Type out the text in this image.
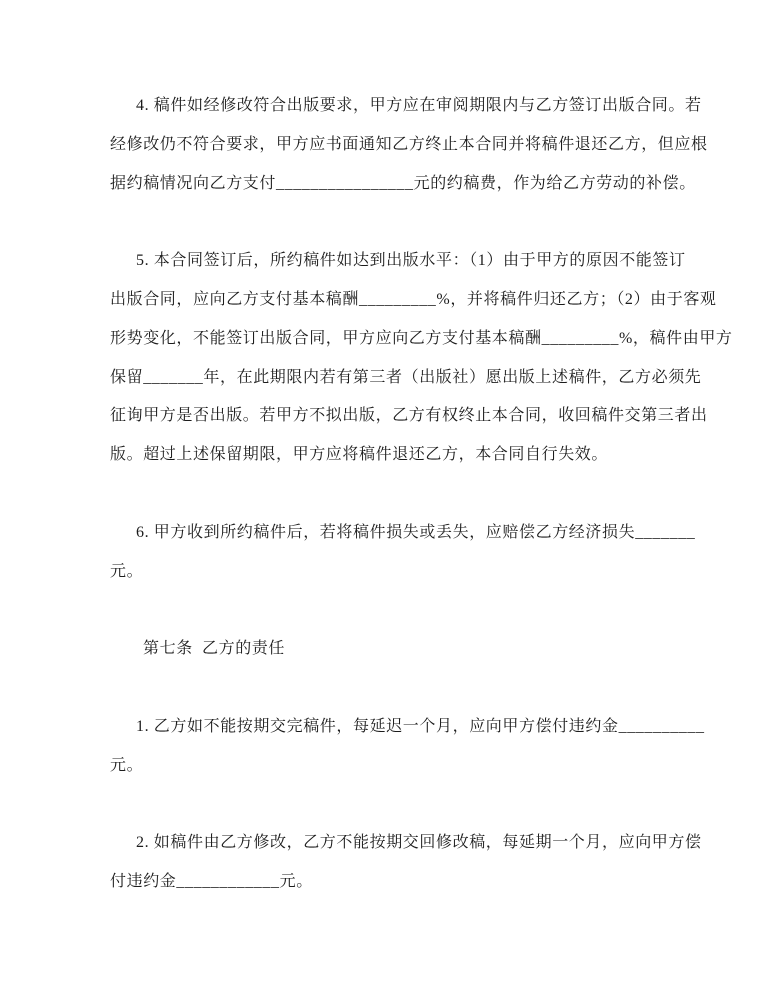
4. 稿件如经修改符合出版要求，甲方应在审阅期限内与乙方签订出版合同。若
经修改仍不符合要求，甲方应书面通知乙方终止本合同并将稿件退还乙方，但应根
据约稿情况向乙方支付________________元的约稿费，作为给乙方劳动的补偿。
5. 本合同签订后，所约稿件如达到出版水平：（1）由于甲方的原因不能签订
出版合同，应向乙方支付基本稿酬_________%，并将稿件归还乙方；（2）由于客观
形势变化，不能签订出版合同，甲方应向乙方支付基本稿酬_________%，稿件由甲方
保留_______年，在此期限内若有第三者（出版社）愿出版上述稿件，乙方必须先
征询甲方是否出版。若甲方不拟出版，乙方有权终止本合同，收回稿件交第三者出
版。超过上述保留期限，甲方应将稿件退还乙方，本合同自行失效。
6. 甲方收到所约稿件后，若将稿件损失或丢失，应赔偿乙方经济损失_______
元。
第七条  乙方的责任
1. 乙方如不能按期交完稿件，每延迟一个月，应向甲方偿付违约金__________
元。
2. 如稿件由乙方修改，乙方不能按期交回修改稿，每延期一个月，应向甲方偿
付违约金____________元。
